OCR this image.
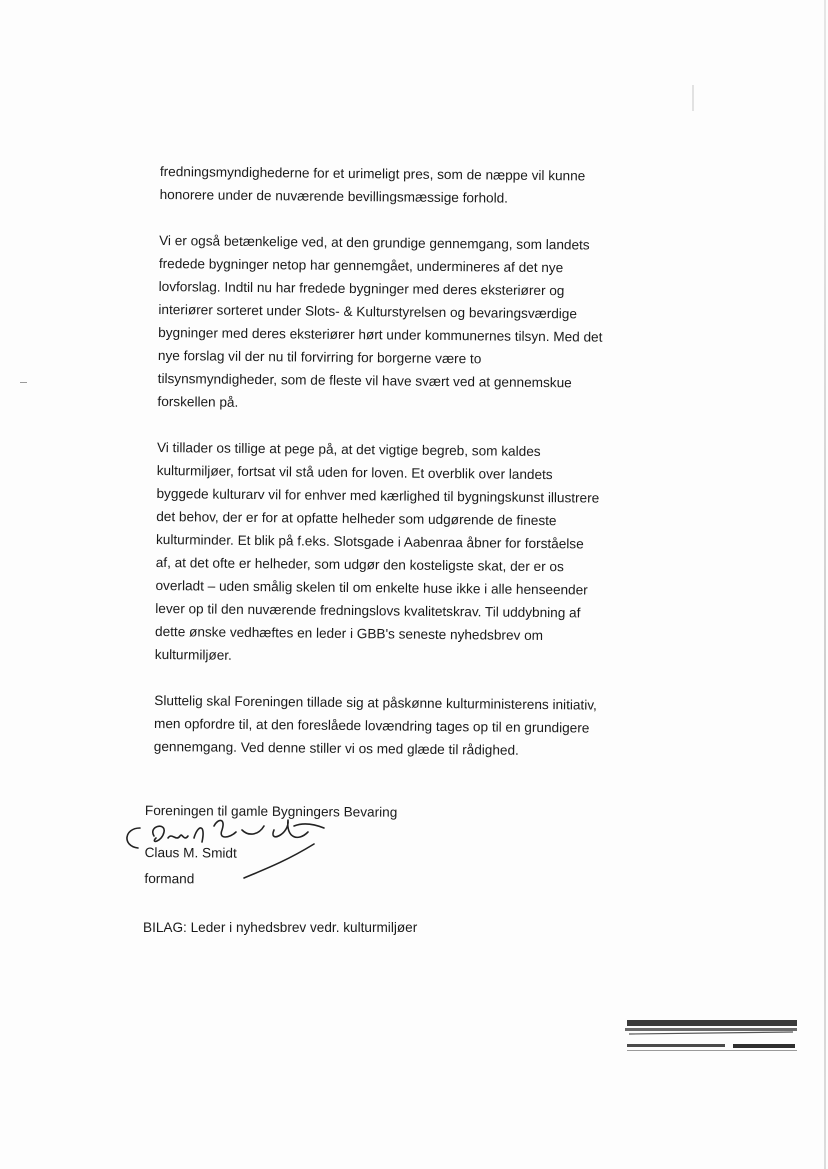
fredningsmyndighederne for et urimeligt pres, som de næppe vil kunne
honorere under de nuværende bevillingsmæssige forhold.

Vi er også betænkelige ved, at den grundige gennemgang, som landets
fredede bygninger netop har gennemgået, undermineres af det nye
lovforslag. Indtil nu har fredede bygninger med deres eksteriører og
interiører sorteret under Slots- & Kulturstyrelsen og bevaringsværdige
bygninger med deres eksteriører hørt under kommunernes tilsyn. Med det
nye forslag vil der nu til forvirring for borgerne være to
tilsynsmyndigheder, som de fleste vil have svært ved at gennemskue
forskellen på.

Vi tillader os tillige at pege på, at det vigtige begreb, som kaldes
kulturmiljøer, fortsat vil stå uden for loven. Et overblik over landets
byggede kulturarv vil for enhver med kærlighed til bygningskunst illustrere
det behov, der er for at opfatte helheder som udgørende de fineste
kulturminder. Et blik på f.eks. Slotsgade i Aabenraa åbner for forståelse
af, at det ofte er helheder, som udgør den kosteligste skat, der er os
overladt – uden smålig skelen til om enkelte huse ikke i alle henseender
lever op til den nuværende fredningslovs kvalitetskrav. Til uddybning af
dette ønske vedhæftes en leder i GBB's seneste nyhedsbrev om
kulturmiljøer.

Sluttelig skal Foreningen tillade sig at påskønne kulturministerens initiativ,
men opfordre til, at den foreslåede lovændring tages op til en grundigere
gennemgang. Ved denne stiller vi os med glæde til rådighed.

Foreningen til gamle Bygningers Bevaring
Claus M. Smidt
formand
BILAG: Leder i nyhedsbrev vedr. kulturmiljøer
